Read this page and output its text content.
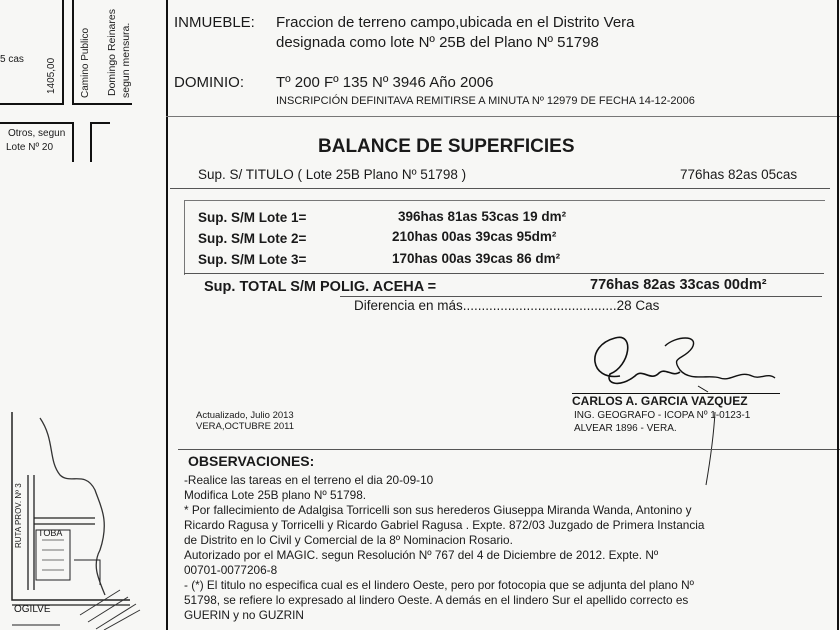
5 cas 1405,00 Camino Publico Domingo Reinares segun mensura.
Otros, segun
Lote Nº 20
RUTA PROV. Nº 3 TOBA
OGILVE
INMUEBLE: Fraccion de terreno campo,ubicada en el Distrito Vera
designada como lote Nº 25B del Plano Nº 51798
DOMINIO: Tº 200 Fº 135 Nº 3946 Año 2006
INSCRIPCIÓN DEFINITAVA REMITIRSE A MINUTA Nº 12979 DE FECHA 14-12-2006
BALANCE DE SUPERFICIES
Sup. S/ TITULO ( Lote 25B Plano Nº 51798 )	776has 82as 05cas
Sup. S/M Lote 1=	396has 81as 53cas 19 dm²
Sup. S/M Lote 2=	210has 00as 39cas 95dm²
Sup. S/M Lote 3=	170has 00as 39cas 86 dm²
Sup. TOTAL S/M POLIG. ACEHA =	776has 82as 33cas 00dm²
Diferencia en más.........................................28 Cas
CARLOS A. GARCIA VAZQUEZ
ING. GEOGRAFO - ICOPA Nº 1-0123-1
ALVEAR 1896 - VERA.
Actualizado, Julio 2013
VERA,OCTUBRE 2011
OBSERVACIONES:
-Realice las tareas en el terreno el dia 20-09-10
Modifica Lote 25B plano Nº 51798.
* Por fallecimiento de Adalgisa Torricelli son sus herederos Giuseppa Miranda Wanda, Antonino y
Ricardo Ragusa y Torricelli y Ricardo Gabriel Ragusa . Expte. 872/03 Juzgado de Primera Instancia
de Distrito en lo Civil y Comercial de la 8º Nominacion Rosario.
Autorizado por el MAGIC. segun Resolución Nº 767 del 4 de Diciembre de 2012. Expte. Nº
00701-0077206-8
- (*) El titulo no especifica cual es el lindero Oeste, pero por fotocopia que se adjunta del plano Nº
51798, se refiere lo expresado al lindero Oeste. A demás en el lindero Sur el apellido correcto es
GUERIN y no GUZRIN
